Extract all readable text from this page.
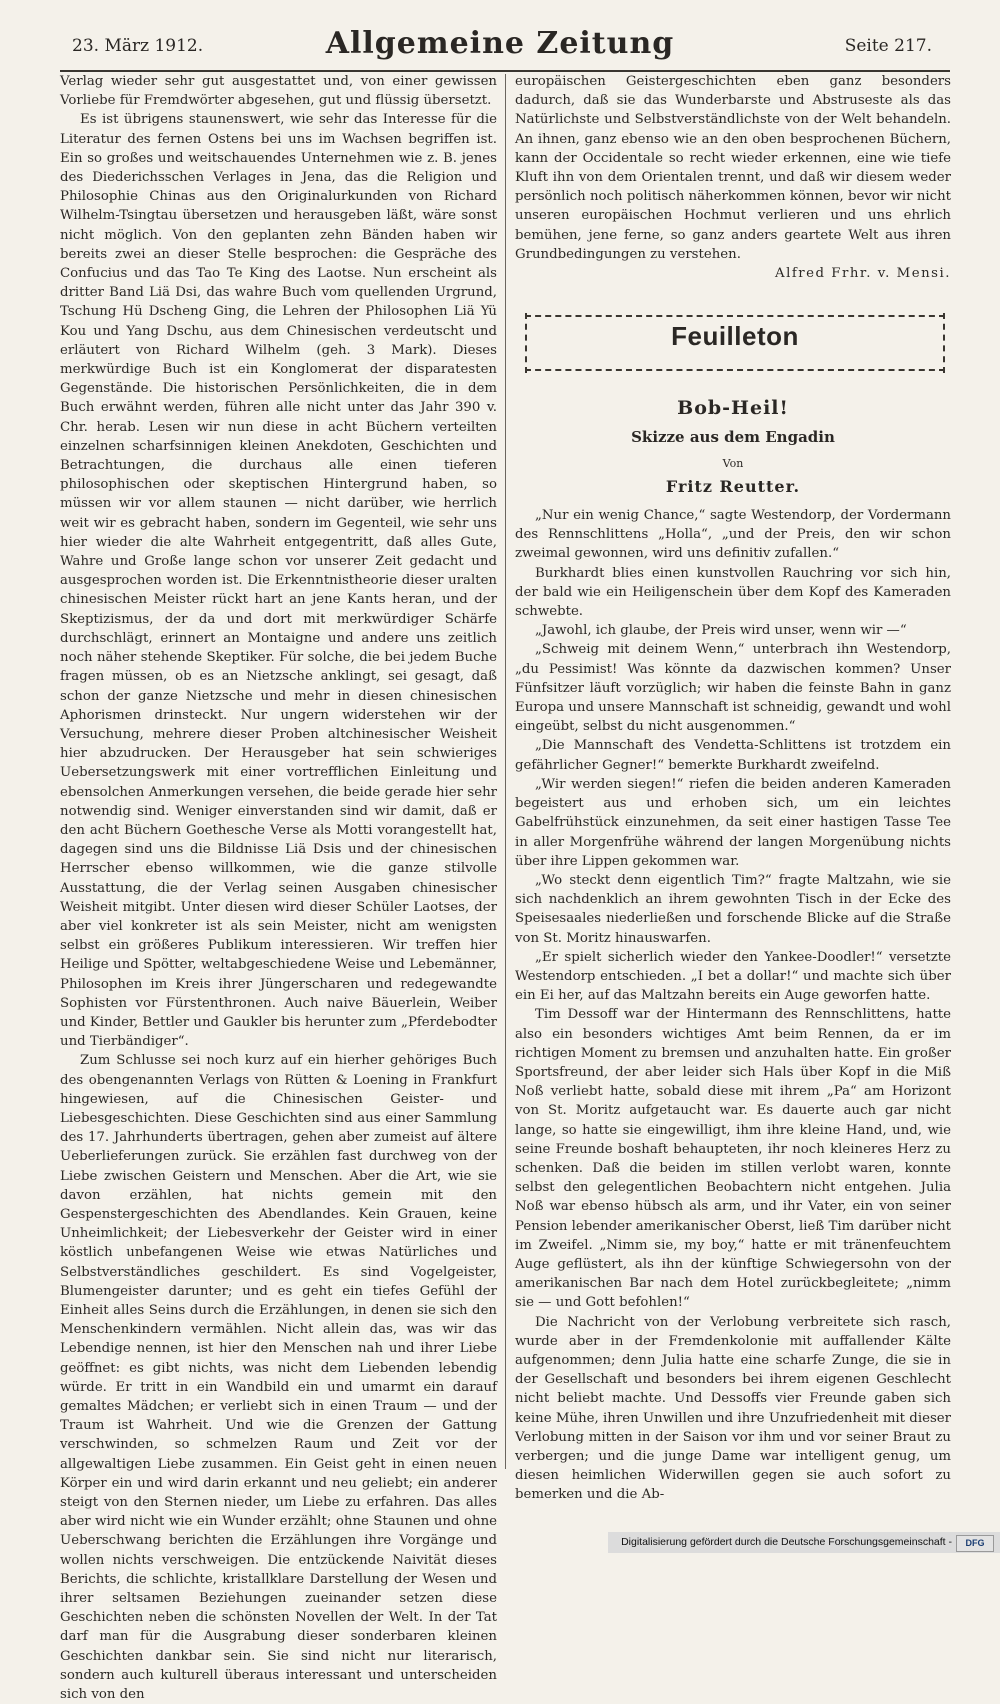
23. März 1912.	Allgemeine Zeitung	Seite 217.

Verlag wieder sehr gut ausgestattet und, von einer gewissen Vorliebe für Fremdwörter abgesehen, gut und flüssig übersetzt.

Es ist übrigens staunenswert, wie sehr das Interesse für die Literatur des fernen Ostens bei uns im Wachsen begriffen ist. Ein so großes und weitschauendes Unternehmen wie z. B. jenes des Diederichsschen Verlages in Jena, das die Religion und Philosophie Chinas aus den Originalurkunden von Richard Wilhelm-Tsingtau übersetzen und herausgeben läßt, wäre sonst nicht möglich. Von den geplanten zehn Bänden haben wir bereits zwei an dieser Stelle besprochen: die Gespräche des Confucius und das Tao Te King des Laotse. Nun erscheint als dritter Band Liä Dsi, das wahre Buch vom quellenden Urgrund, Tschung Hü Dscheng Ging, die Lehren der Philosophen Liä Yü Kou und Yang Dschu, aus dem Chinesischen verdeutscht und erläutert von Richard Wilhelm (geh. 3 Mark). Dieses merkwürdige Buch ist ein Konglomerat der disparatesten Gegenstände. Die historischen Persönlichkeiten, die in dem Buch erwähnt werden, führen alle nicht unter das Jahr 390 v. Chr. herab. Lesen wir nun diese in acht Büchern verteilten einzelnen scharfsinnigen kleinen Anekdoten, Geschichten und Betrachtungen, die durchaus alle einen tieferen philosophischen oder skeptischen Hintergrund haben, so müssen wir vor allem staunen — nicht darüber, wie herrlich weit wir es gebracht haben, sondern im Gegenteil, wie sehr uns hier wieder die alte Wahrheit entgegentritt, daß alles Gute, Wahre und Große lange schon vor unserer Zeit gedacht und ausgesprochen worden ist. Die Erkenntnistheorie dieser uralten chinesischen Meister rückt hart an jene Kants heran, und der Skeptizismus, der da und dort mit merkwürdiger Schärfe durchschlägt, erinnert an Montaigne und andere uns zeitlich noch näher stehende Skeptiker. Für solche, die bei jedem Buche fragen müssen, ob es an Nietzsche anklingt, sei gesagt, daß schon der ganze Nietzsche und mehr in diesen chinesischen Aphorismen drinsteckt. Nur ungern widerstehen wir der Versuchung, mehrere dieser Proben altchinesischer Weisheit hier abzudrucken. Der Herausgeber hat sein schwieriges Uebersetzungswerk mit einer vortrefflichen Einleitung und ebensolchen Anmerkungen versehen, die beide gerade hier sehr notwendig sind. Weniger einverstanden sind wir damit, daß er den acht Büchern Goethesche Verse als Motti vorangestellt hat, dagegen sind uns die Bildnisse Liä Dsis und der chinesischen Herrscher ebenso willkommen, wie die ganze stilvolle Ausstattung, die der Verlag seinen Ausgaben chinesischer Weisheit mitgibt. Unter diesen wird dieser Schüler Laotses, der aber viel konkreter ist als sein Meister, nicht am wenigsten selbst ein größeres Publikum interessieren. Wir treffen hier Heilige und Spötter, weltabgeschiedene Weise und Lebemänner, Philosophen im Kreis ihrer Jüngerscharen und redegewandte Sophisten vor Fürstenthronen. Auch naive Bäuerlein, Weiber und Kinder, Bettler und Gaukler bis herunter zum „Pferdebodter und Tierbändiger“.

Zum Schlusse sei noch kurz auf ein hierher gehöriges Buch des obengenannten Verlags von Rütten & Loening in Frankfurt hingewiesen, auf die Chinesischen Geister- und Liebesgeschichten. Diese Geschichten sind aus einer Sammlung des 17. Jahrhunderts übertragen, gehen aber zumeist auf ältere Ueberlieferungen zurück. Sie erzählen fast durchweg von der Liebe zwischen Geistern und Menschen. Aber die Art, wie sie davon erzählen, hat nichts gemein mit den Gespenstergeschichten des Abendlandes. Kein Grauen, keine Unheimlichkeit; der Liebesverkehr der Geister wird in einer köstlich unbefangenen Weise wie etwas Natürliches und Selbstverständliches geschildert. Es sind Vogelgeister, Blumengeister darunter; und es geht ein tiefes Gefühl der Einheit alles Seins durch die Erzählungen, in denen sie sich den Menschenkindern vermählen. Nicht allein das, was wir das Lebendige nennen, ist hier den Menschen nah und ihrer Liebe geöffnet: es gibt nichts, was nicht dem Liebenden lebendig würde. Er tritt in ein Wandbild ein und umarmt ein darauf gemaltes Mädchen; er verliebt sich in einen Traum — und der Traum ist Wahrheit. Und wie die Grenzen der Gattung verschwinden, so schmelzen Raum und Zeit vor der allgewaltigen Liebe zusammen. Ein Geist geht in einen neuen Körper ein und wird darin erkannt und neu geliebt; ein anderer steigt von den Sternen nieder, um Liebe zu erfahren. Das alles aber wird nicht wie ein Wunder erzählt; ohne Staunen und ohne Ueberschwang berichten die Erzählungen ihre Vorgänge und wollen nichts verschweigen. Die entzückende Naivität dieses Berichts, die schlichte, kristallklare Darstellung der Wesen und ihrer seltsamen Beziehungen zueinander setzen diese Geschichten neben die schönsten Novellen der Welt. In der Tat darf man für die Ausgrabung dieser sonderbaren kleinen Geschichten dankbar sein. Sie sind nicht nur literarisch, sondern auch kulturell überaus interessant und unterscheiden sich von den

europäischen Geistergeschichten eben ganz besonders dadurch, daß sie das Wunderbarste und Abstruseste als das Natürlichste und Selbstverständlichste von der Welt behandeln. An ihnen, ganz ebenso wie an den oben besprochenen Büchern, kann der Occidentale so recht wieder erkennen, eine wie tiefe Kluft ihn von dem Orientalen trennt, und daß wir diesem weder persönlich noch politisch näherkommen können, bevor wir nicht unseren europäischen Hochmut verlieren und uns ehrlich bemühen, jene ferne, so ganz anders geartete Welt aus ihren Grundbedingungen zu verstehen.

Alfred Frhr. v. Mensi.

Feuilleton
Bob-Heil!
Skizze aus dem Engadin
Von
Fritz Reutter.

„Nur ein wenig Chance,“ sagte Westendorp, der Vordermann des Rennschlittens „Holla“, „und der Preis, den wir schon zweimal gewonnen, wird uns definitiv zufallen.“

Burkhardt blies einen kunstvollen Rauchring vor sich hin, der bald wie ein Heiligenschein über dem Kopf des Kameraden schwebte.

„Jawohl, ich glaube, der Preis wird unser, wenn wir —“

„Schweig mit deinem Wenn,“ unterbrach ihn Westendorp, „du Pessimist! Was könnte da dazwischen kommen? Unser Fünfsitzer läuft vorzüglich; wir haben die feinste Bahn in ganz Europa und unsere Mannschaft ist schneidig, gewandt und wohl eingeübt, selbst du nicht ausgenommen.“

„Die Mannschaft des Vendetta-Schlittens ist trotzdem ein gefährlicher Gegner!“ bemerkte Burkhardt zweifelnd.

„Wir werden siegen!“ riefen die beiden anderen Kameraden begeistert aus und erhoben sich, um ein leichtes Gabelfrühstück einzunehmen, da seit einer hastigen Tasse Tee in aller Morgenfrühe während der langen Morgenübung nichts über ihre Lippen gekommen war.

„Wo steckt denn eigentlich Tim?“ fragte Maltzahn, wie sie sich nachdenklich an ihrem gewohnten Tisch in der Ecke des Speisesaales niederließen und forschende Blicke auf die Straße von St. Moritz hinauswarfen.

„Er spielt sicherlich wieder den Yankee-Doodler!“ versetzte Westendorp entschieden. „I bet a dollar!“ und machte sich über ein Ei her, auf das Maltzahn bereits ein Auge geworfen hatte.

Tim Dessoff war der Hintermann des Rennschlittens, hatte also ein besonders wichtiges Amt beim Rennen, da er im richtigen Moment zu bremsen und anzuhalten hatte. Ein großer Sportsfreund, der aber leider sich Hals über Kopf in die Miß Noß verliebt hatte, sobald diese mit ihrem „Pa“ am Horizont von St. Moritz aufgetaucht war. Es dauerte auch gar nicht lange, so hatte sie eingewilligt, ihm ihre kleine Hand, und, wie seine Freunde boshaft behaupteten, ihr noch kleineres Herz zu schenken. Daß die beiden im stillen verlobt waren, konnte selbst den gelegentlichen Beobachtern nicht entgehen. Julia Noß war ebenso hübsch als arm, und ihr Vater, ein von seiner Pension lebender amerikanischer Oberst, ließ Tim darüber nicht im Zweifel. „Nimm sie, my boy,“ hatte er mit tränenfeuchtem Auge geflüstert, als ihn der künftige Schwiegersohn von der amerikanischen Bar nach dem Hotel zurückbegleitete; „nimm sie — und Gott befohlen!“

Die Nachricht von der Verlobung verbreitete sich rasch, wurde aber in der Fremdenkolonie mit auffallender Kälte aufgenommen; denn Julia hatte eine scharfe Zunge, die sie in der Gesellschaft und besonders bei ihrem eigenen Geschlecht nicht beliebt machte. Und Dessoffs vier Freunde gaben sich keine Mühe, ihren Unwillen und ihre Unzufriedenheit mit dieser Verlobung mitten in der Saison vor ihm und vor seiner Braut zu verbergen; und die junge Dame war intelligent genug, um diesen heimlichen Widerwillen gegen sie auch sofort zu bemerken und die Ab-

Digitalisierung gefördert durch die Deutsche Forschungsgemeinschaft -	DFG
